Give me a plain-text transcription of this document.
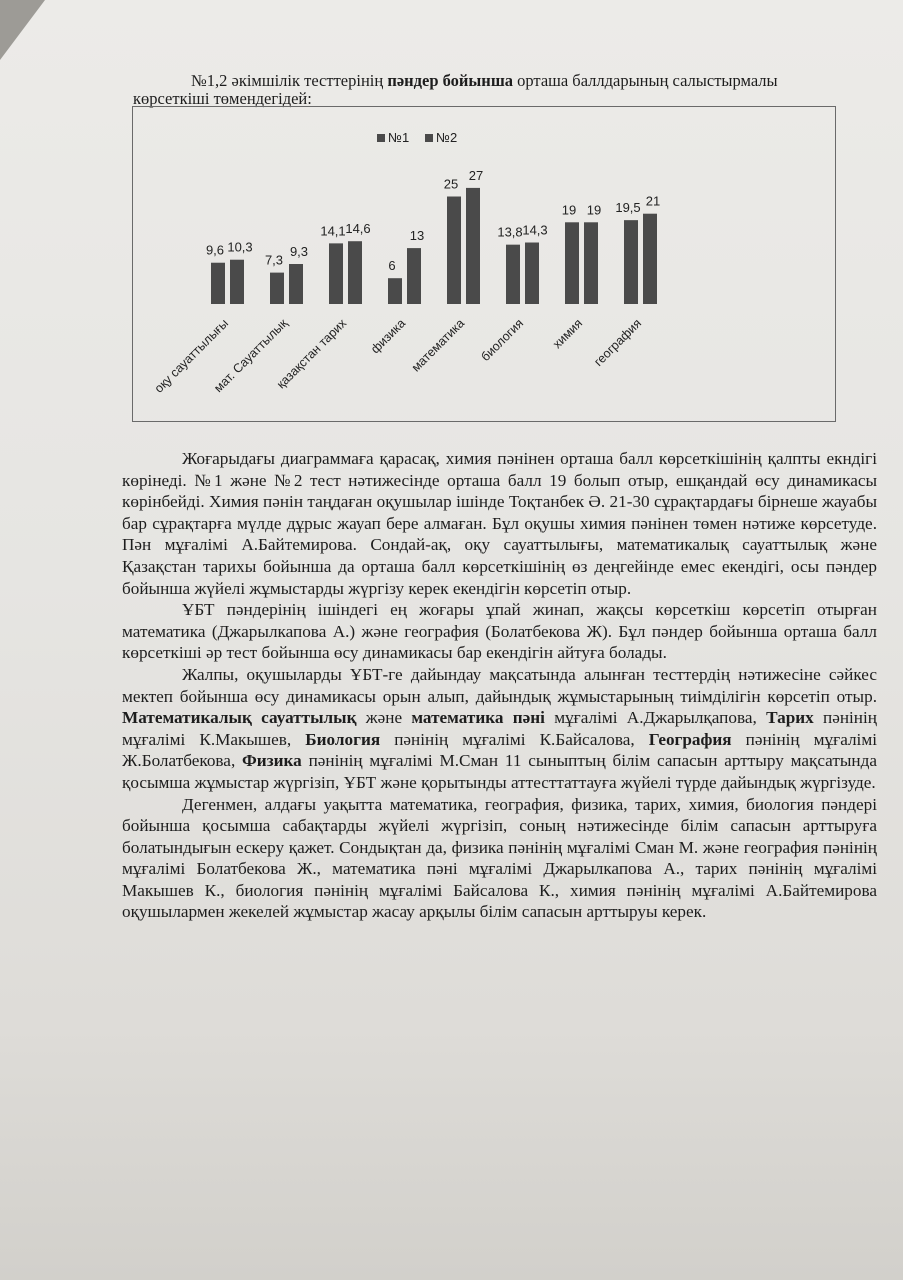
№1,2 әкімшілік тесттерінің пәндер бойынша орташа баллдарының салыстырмалы
көрсеткіші төмендегідей:
№1 №2
9,6 10,3
оқу сауаттылығы
7,3
9,3
мат. Сауаттылық
14,1 14,6
қазақстан тарих
6
13
физика
25
27
математика
13,8 14,3
биология
19 19
химия
19,5 21
география

Жоғарыдағы диаграммаға қарасақ, химия пәнінен орташа балл көрсеткішінің қалпты екндігі көрінеді. №1 және №2 тест нәтижесінде орташа балл 19 болып отыр, ешқандай өсу динамикасы көрінбейді. Химия пәнін таңдаған оқушылар ішінде Тоқтанбек Ә. 21-30 сұрақтардағы бірнеше жауабы бар сұрақтарға мүлде дұрыс жауап бере алмаған. Бұл оқушы химия пәнінен төмен нәтиже көрсетуде. Пән мұғалімі А.Байтемирова. Сондай-ақ, оқу сауаттылығы, математикалық сауаттылық және Қазақстан тарихы бойынша да орташа балл көрсеткішінің өз деңгейінде емес екендігі, осы пәндер бойынша жүйелі жұмыстарды жүргізу керек екендігін көрсетіп отыр.

ҰБТ пәндерінің ішіндегі ең жоғары ұпай жинап, жақсы көрсеткіш көрсетіп отырған математика (Джарылкапова А.) және география (Болатбекова Ж). Бұл пәндер бойынша орташа балл көрсеткіші әр тест бойынша өсу динамикасы бар екендігін айтуға болады.

Жалпы, оқушыларды ҰБТ-ге дайындау мақсатында алынған тесттердің нәтижесіне сәйкес мектеп бойынша өсу динамикасы орын алып, дайындық жұмыстарының тиімділігін көрсетіп отыр. Математикалық сауаттылық және математика пәні мұғалімі А.Джарылқапова, Тарих пәнінің мұғалімі К.Макышев, Биология пәнінің мұғалімі К.Байсалова, География пәнінің мұғалімі Ж.Болатбекова, Физика пәнінің мұғалімі М.Сман 11 сыныптың білім сапасын арттыру мақсатында қосымша жұмыстар жүргізіп, ҰБТ және қорытынды аттесттаттауға жүйелі түрде дайындық жүргізуде.

Дегенмен, алдағы уақытта математика, география, физика, тарих, химия, биология пәндері бойынша қосымша сабақтарды жүйелі жүргізіп, соның нәтижесінде білім сапасын арттыруға болатындығын ескеру қажет. Сондықтан да, физика пәнінің мұғалімі Сман М. және география пәнінің мұғалімі Болатбекова Ж., математика пәні мұғалімі Джарылкапова А., тарих пәнінің мұғалімі Макышев К., биология пәнінің мұғалімі Байсалова К., химия пәнінің мұғалімі А.Байтемирова оқушылармен жекелей жұмыстар жасау арқылы білім сапасын арттыруы керек.
